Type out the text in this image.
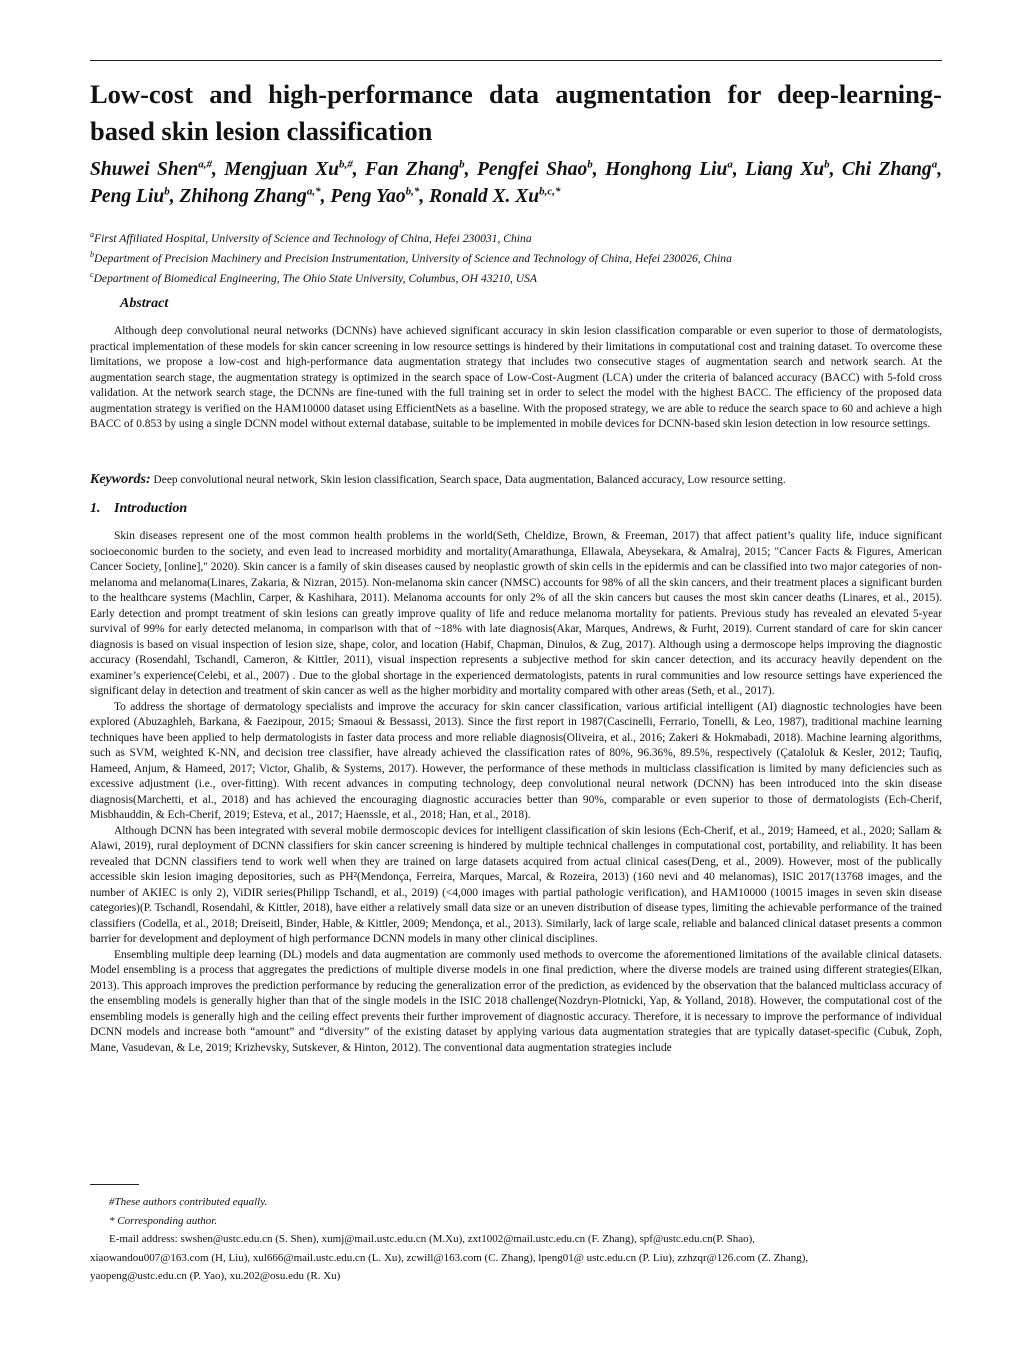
Low-cost and high-performance data augmentation for deep-learning-based skin lesion classification
Shuwei Shen$^{a,\#}$, Mengjuan $Xu^{b,\#}$, Fan Zhang$^b$, Pengfei Shao$^b$, Honghong Liu$^a$, Liang Xu$^b$, Chi Zhang$^a$, Peng Liu$^b$, Zhihong Zhang$^{a,*}$, Peng Yao$^{b,*}$, Ronald X. $Xu^{b,c,*}$
$^a$First Affiliated Hospital, University of Science and Technology of China, Hefei 230031, China
$^b$Department of Precision Machinery and Precision Instrumentation, University of Science and Technology of China, Hefei 230026, China
$^c$Department of Biomedical Engineering, The Ohio State University, Columbus, OH 43210, USA
Abstract

Although deep convolutional neural networks (DCNNs) have achieved significant accuracy in skin lesion classification comparable or even superior to those of dermatologists, practical implementation of these models for skin cancer screening in low resource settings is hindered by their limitations in computational cost and training dataset. To overcome these limitations, we propose a low-cost and high-performance data augmentation strategy that includes two consecutive stages of augmentation search and network search. At the augmentation search stage, the augmentation strategy is optimized in the search space of Low-Cost-Augment (LCA) under the criteria of balanced accuracy (BACC) with 5-fold cross validation. At the network search stage, the DCNNs are fine-tuned with the full training set in order to select the model with the highest BACC. The efficiency of the proposed data augmentation strategy is verified on the HAM10000 dataset using EfficientNets as a baseline. With the proposed strategy, we are able to reduce the search space to 60 and achieve a high BACC of 0.853 by using a single DCNN model without external database, suitable to be implemented in mobile devices for DCNN-based skin lesion detection in low resource settings.

Keywords: Deep convolutional neural network, Skin lesion classification, Search space, Data augmentation, Balanced accuracy, Low resource setting.
1. Introduction

Skin diseases represent one of the most common health problems in the world(Seth, Cheldize, Brown, & Freeman, 2017) that affect patient’s quality life, induce significant socioeconomic burden to the society, and even lead to increased morbidity and mortality(Amarathunga, Ellawala, Abeysekara, & Amalraj, 2015; "Cancer Facts & Figures, American Cancer Society, [online]," 2020). Skin cancer is a family of skin diseases caused by neoplastic growth of skin cells in the epidermis and can be classified into two major categories of non-melanoma and melanoma(Linares, Zakaria, & Nizran, 2015). Non-melanoma skin cancer (NMSC) accounts for 98% of all the skin cancers, and their treatment places a significant burden to the healthcare systems (Machlin, Carper, & Kashihara, 2011). Melanoma accounts for only 2% of all the skin cancers but causes the most skin cancer deaths (Linares, et al., 2015). Early detection and prompt treatment of skin lesions can greatly improve quality of life and reduce melanoma mortality for patients. Previous study has revealed an elevated 5-year survival of 99% for early detected melanoma, in comparison with that of ~18% with late diagnosis(Akar, Marques, Andrews, & Furht, 2019). Current standard of care for skin cancer diagnosis is based on visual inspection of lesion size, shape, color, and location (Habif, Chapman, Dinulos, & Zug, 2017). Although using a dermoscope helps improving the diagnostic accuracy (Rosendahl, Tschandl, Cameron, & Kittler, 2011), visual inspection represents a subjective method for skin cancer detection, and its accuracy heavily dependent on the examiner’s experience(Celebi, et al., 2007) . Due to the global shortage in the experienced dermatologists, patents in rural communities and low resource settings have experienced the significant delay in detection and treatment of skin cancer as well as the higher morbidity and mortality compared with other areas (Seth, et al., 2017).

To address the shortage of dermatology specialists and improve the accuracy for skin cancer classification, various artificial intelligent (AI) diagnostic technologies have been explored (Abuzaghleh, Barkana, & Faezipour, 2015; Smaoui & Bessassi, 2013). Since the first report in 1987(Cascinelli, Ferrario, Tonelli, & Leo, 1987), traditional machine learning techniques have been applied to help dermatologists in faster data process and more reliable diagnosis(Oliveira, et al., 2016; Zakeri & Hokmabadi, 2018). Machine learning algorithms, such as SVM, weighted K-NN, and decision tree classifier, have already achieved the classification rates of 80%, 96.36%, 89.5%, respectively (Çataloluk & Kesler, 2012; Taufiq, Hameed, Anjum, & Hameed, 2017; Victor, Ghalib, & Systems, 2017). However, the performance of these methods in multiclass classification is limited by many deficiencies such as excessive adjustment (i.e., over-fitting). With recent advances in computing technology, deep convolutional neural network (DCNN) has been introduced into the skin disease diagnosis(Marchetti, et al., 2018) and has achieved the encouraging diagnostic accuracies better than 90%, comparable or even superior to those of dermatologists (Ech-Cherif, Misbhauddin, & Ech-Cherif, 2019; Esteva, et al., 2017; Haenssle, et al., 2018; Han, et al., 2018).

Although DCNN has been integrated with several mobile dermoscopic devices for intelligent classification of skin lesions (Ech-Cherif, et al., 2019; Hameed, et al., 2020; Sallam & Alawi, 2019), rural deployment of DCNN classifiers for skin cancer screening is hindered by multiple technical challenges in computational cost, portability, and reliability. It has been revealed that DCNN classifiers tend to work well when they are trained on large datasets acquired from actual clinical cases(Deng, et al., 2009). However, most of the publically accessible skin lesion imaging depositories, such as PH²(Mendonça, Ferreira, Marques, Marcal, & Rozeira, 2013) (160 nevi and 40 melanomas), ISIC 2017(13768 images, and the number of AKIEC is only 2), ViDIR series(Philipp Tschandl, et al., 2019) (<4,000 images with partial pathologic verification), and HAM10000 (10015 images in seven skin disease categories)(P. Tschandl, Rosendahl, & Kittler, 2018), have either a relatively small data size or an uneven distribution of disease types, limiting the achievable performance of the trained classifiers (Codella, et al., 2018; Dreiseitl, Binder, Hable, & Kittler, 2009; Mendonça, et al., 2013). Similarly, lack of large scale, reliable and balanced clinical dataset presents a common barrier for development and deployment of high performance DCNN models in many other clinical disciplines.

Ensembling multiple deep learning (DL) models and data augmentation are commonly used methods to overcome the aforementioned limitations of the available clinical datasets. Model ensembling is a process that aggregates the predictions of multiple diverse models in one final prediction, where the diverse models are trained using different strategies(Elkan, 2013). This approach improves the prediction performance by reducing the generalization error of the prediction, as evidenced by the observation that the balanced multiclass accuracy of the ensembling models is generally higher than that of the single models in the ISIC 2018 challenge(Nozdryn-Plotnicki, Yap, & Yolland, 2018). However, the computational cost of the ensembling models is generally high and the ceiling effect prevents their further improvement of diagnostic accuracy. Therefore, it is necessary to improve the performance of individual DCNN models and increase both “amount” and “diversity” of the existing dataset by applying various data augmentation strategies that are typically dataset-specific (Cubuk, Zoph, Mane, Vasudevan, & Le, 2019; Krizhevsky, Sutskever, & Hinton, 2012). The conventional data augmentation strategies include

#These authors contributed equally.

* Corresponding author.

E-mail address: swshen@ustc.edu.cn (S. Shen), xumj@mail.ustc.edu.cn (M.Xu), zxt1002@mail.ustc.edu.cn (F. Zhang), spf@ustc.edu.cn(P. Shao),

xiaowandou007@163.com (H, Liu), xul666@mail.ustc.edu.cn (L. Xu), zcwill@163.com (C. Zhang), lpeng01@ ustc.edu.cn (P. Liu), zzhzqr@126.com (Z. Zhang),

yaopeng@ustc.edu.cn (P. Yao), xu.202@osu.edu (R. Xu)
